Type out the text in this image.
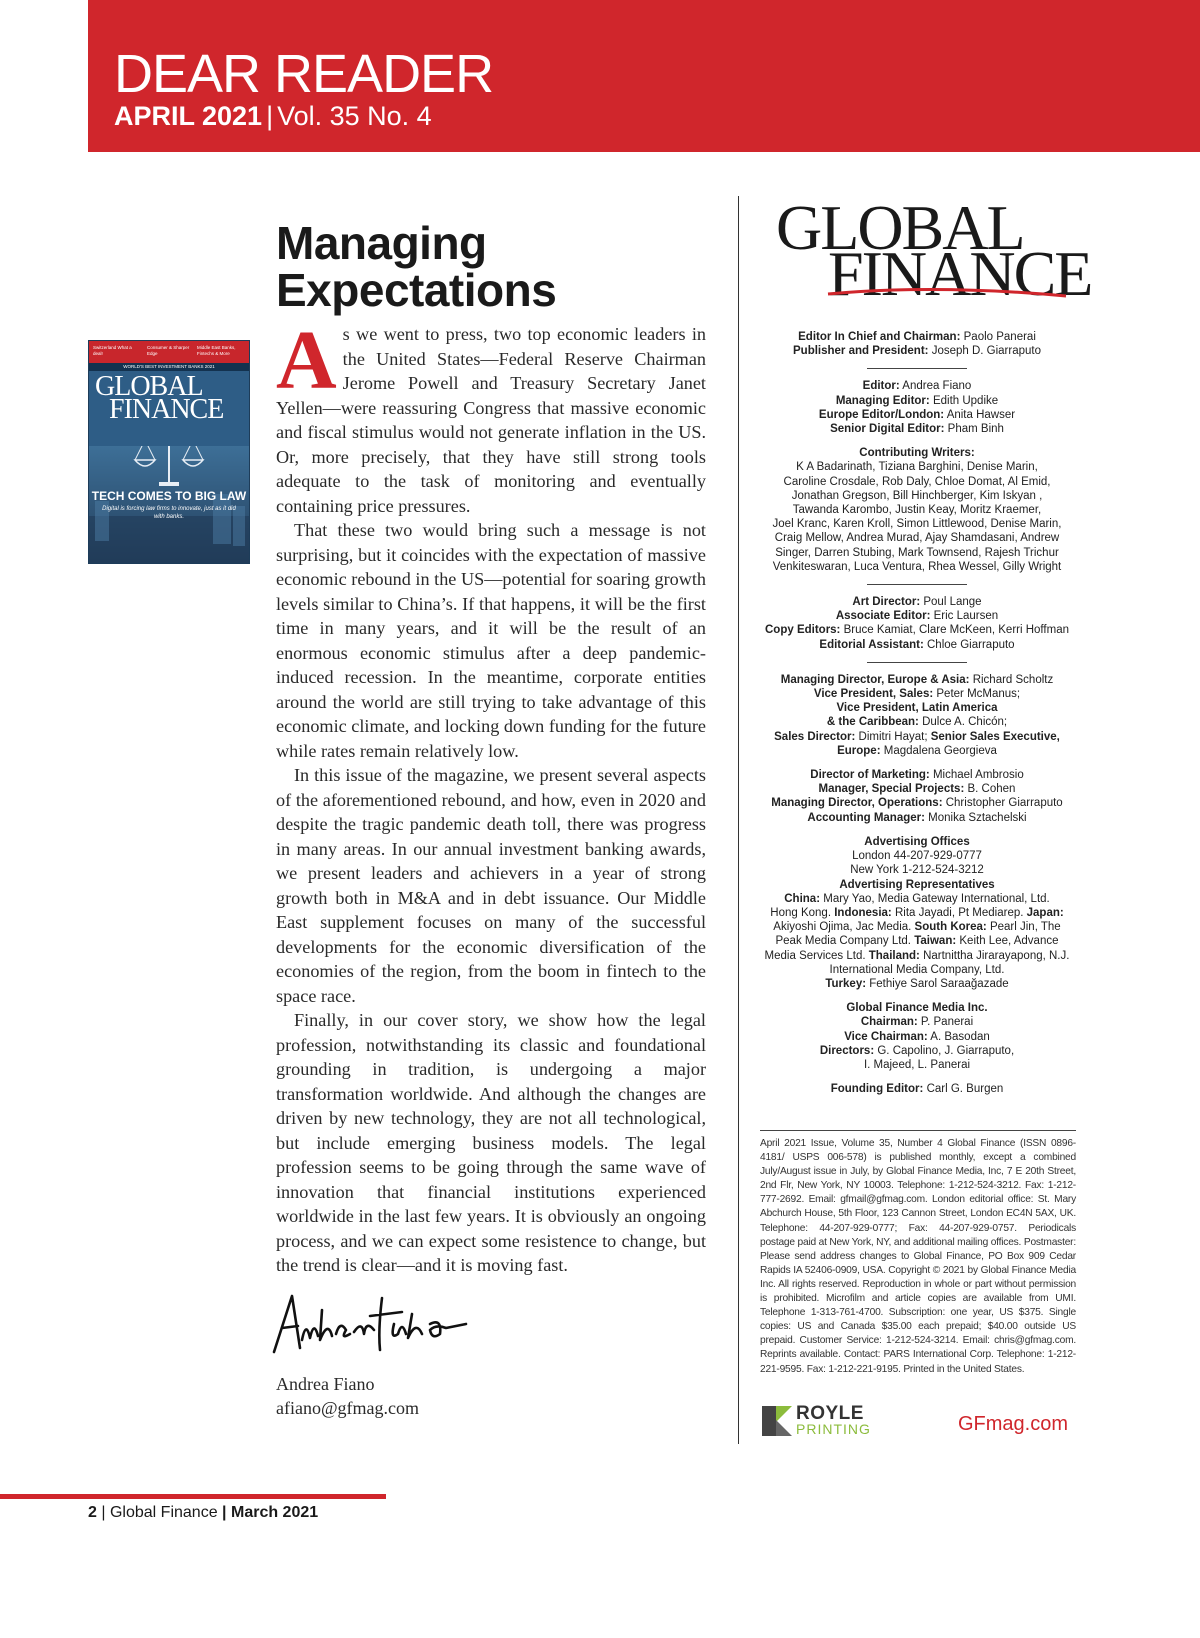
DEAR READER
APRIL 2021 | Vol. 35 No. 4
Managing
Expectations
Switzerland What a deal!
Consumer & Sharper Edge
Middle East Banks, Fintechs & More
WORLD'S BEST INVESTMENT BANKS 2021
GLOBAL
FINANCE
TECH COMES TO BIG LAW
Digital is forcing law firms to innovate, just as it did with banks.

As we went to press, two top economic leaders in the United States—Federal Reserve Chairman Jerome Powell and Treasury Secretary Janet Yellen—were reassuring Congress that massive economic and fiscal stimulus would not generate inflation in the US. Or, more precisely, that they have still strong tools adequate to the task of monitoring and eventually containing price pressures.

That these two would bring such a message is not surprising, but it coincides with the expectation of massive economic rebound in the US—potential for soaring growth levels similar to China’s. If that happens, it will be the first time in many years, and it will be the result of an enormous economic stimulus after a deep pandemic-induced recession. In the meantime, corporate entities around the world are still trying to take advantage of this economic climate, and locking down funding for the future while rates remain relatively low.

In this issue of the magazine, we present several aspects of the aforementioned rebound, and how, even in 2020 and despite the tragic pandemic death toll, there was progress in many areas. In our annual investment banking awards, we present leaders and achievers in a year of strong growth both in M&A and in debt issuance. Our Middle East supplement focuses on many of the successful developments for the economic diversification of the economies of the region, from the boom in fintech to the space race.

Finally, in our cover story, we show how the legal profession, notwithstanding its classic and foundational grounding in tradition, is undergoing a major transformation worldwide. And although the changes are driven by new technology, they are not all technological, but include emerging business models. The legal profession seems to be going through the same wave of innovation that financial institutions experienced worldwide in the last few years. It is obviously an ongoing process, and we can expect some resistence to change, but the trend is clear—and it is moving fast.

Andrea Fiano
afiano@gfmag.com
GLOBAL
FINANCE
Editor In Chief and Chairman: Paolo Panerai
Publisher and President: Joseph D. Giarraputo
Editor: Andrea Fiano
Managing Editor: Edith Updike
Europe Editor/London: Anita Hawser
Senior Digital Editor: Pham Binh
Contributing Writers:
K A Badarinath, Tiziana Barghini, Denise Marin,
Caroline Crosdale, Rob Daly, Chloe Domat, Al Emid,
Jonathan Gregson, Bill Hinchberger, Kim Iskyan ,
Tawanda Karombo, Justin Keay, Moritz Kraemer,
Joel Kranc, Karen Kroll, Simon Littlewood, Denise Marin,
Craig Mellow, Andrea Murad, Ajay Shamdasani, Andrew
Singer, Darren Stubing, Mark Townsend, Rajesh Trichur
Venkiteswaran, Luca Ventura, Rhea Wessel, Gilly Wright
Art Director: Poul Lange
Associate Editor: Eric Laursen
Copy Editors: Bruce Kamiat, Clare McKeen, Kerri Hoffman
Editorial Assistant: Chloe Giarraputo
Managing Director, Europe & Asia: Richard Scholtz
Vice President, Sales: Peter McManus;
Vice President, Latin America
& the Caribbean: Dulce A. Chicón;
Sales Director: Dimitri Hayat; Senior Sales Executive,
Europe: Magdalena Georgieva
Director of Marketing: Michael Ambrosio
Manager, Special Projects: B. Cohen
Managing Director, Operations: Christopher Giarraputo
Accounting Manager: Monika Sztachelski
Advertising Offices
London 44-207-929-0777
New York 1-212-524-3212
Advertising Representatives
China: Mary Yao, Media Gateway International, Ltd.
Hong Kong. Indonesia: Rita Jayadi, Pt Mediarep. Japan:
Akiyoshi Ojima, Jac Media. South Korea: Pearl Jin, The
Peak Media Company Ltd. Taiwan: Keith Lee, Advance
Media Services Ltd. Thailand: Nartnittha Jirarayapong, N.J.
International Media Company, Ltd.
Turkey: Fethiye Sarol Saraağazade
Global Finance Media Inc.
Chairman: P. Panerai
Vice Chairman: A. Basodan
Directors: G. Capolino, J. Giarraputo,
I. Majeed, L. Panerai
Founding Editor: Carl G. Burgen
April 2021 Issue, Volume 35, Number 4 Global Finance (ISSN 0896-4181/ USPS 006-578) is published monthly, except a combined July/August issue in July, by Global Finance Media, Inc, 7 E 20th Street, 2nd Flr, New York, NY 10003. Telephone: 1-212-524-3212. Fax: 1-212-777-2692. Email: gfmail@gfmag.com. London editorial office: St. Mary Abchurch House, 5th Floor, 123 Cannon Street, London EC4N 5AX, UK. Telephone: 44-207-929-0777; Fax: 44-207-929-0757. Periodicals postage paid at New York, NY, and additional mailing offices. Postmaster: Please send address changes to Global Finance, PO Box 909 Cedar Rapids IA 52406-0909, USA. Copyright © 2021 by Global Finance Media Inc. All rights reserved. Reproduction in whole or part without permission is prohibited. Microfilm and article copies are available from UMI. Telephone 1-313-761-4700. Subscription: one year, US $375. Single copies: US and Canada $35.00 each prepaid; $40.00 outside US prepaid. Customer Service: 1-212-524-3214. Email: chris@gfmag.com. Reprints available. Contact: PARS International Corp. Telephone: 1-212-221-9595. Fax: 1-212-221-9195. Printed in the United States.
ROYLE
PRINTING	GFmag.com
2 | Global Finance | March 2021
